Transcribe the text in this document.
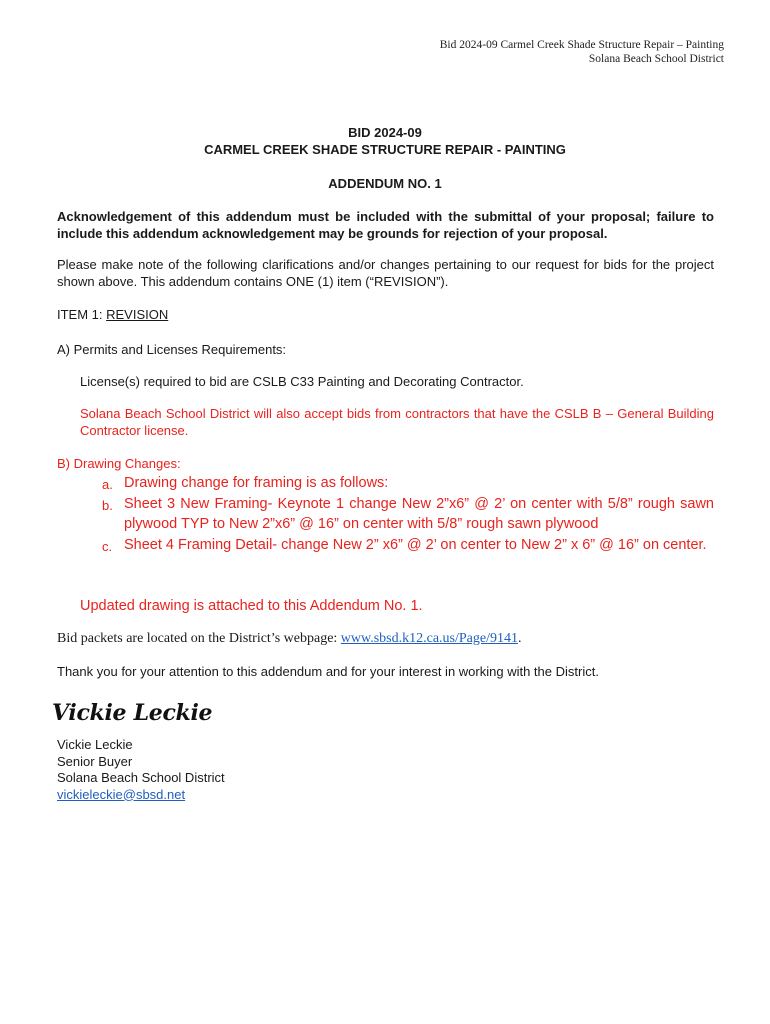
Bid 2024-09 Carmel Creek Shade Structure Repair – Painting
Solana Beach School District
BID 2024-09
CARMEL CREEK SHADE STRUCTURE REPAIR - PAINTING
ADDENDUM NO. 1
Acknowledgement of this addendum must be included with the submittal of your proposal; failure to include this addendum acknowledgement may be grounds for rejection of your proposal.
Please make note of the following clarifications and/or changes pertaining to our request for bids for the project shown above. This addendum contains ONE (1) item (“REVISION”).
ITEM 1: REVISION
A) Permits and Licenses Requirements:
License(s) required to bid are CSLB C33 Painting and Decorating Contractor.
Solana Beach School District will also accept bids from contractors that have the CSLB B – General Building Contractor license.
B) Drawing Changes:
a. Drawing change for framing is as follows:
b. Sheet 3 New Framing- Keynote 1 change New 2”x6” @ 2’ on center with 5/8” rough sawn plywood TYP to New 2”x6” @ 16” on center with 5/8” rough sawn plywood
c. Sheet 4 Framing Detail- change New 2” x6” @ 2’ on center to New 2” x 6” @ 16” on center.
Updated drawing is attached to this Addendum No. 1.
Bid packets are located on the District’s webpage: www.sbsd.k12.ca.us/Page/9141.
Thank you for your attention to this addendum and for your interest in working with the District.
Vickie Leckie
Vickie Leckie
Senior Buyer
Solana Beach School District
vickieleckie@sbsd.net
